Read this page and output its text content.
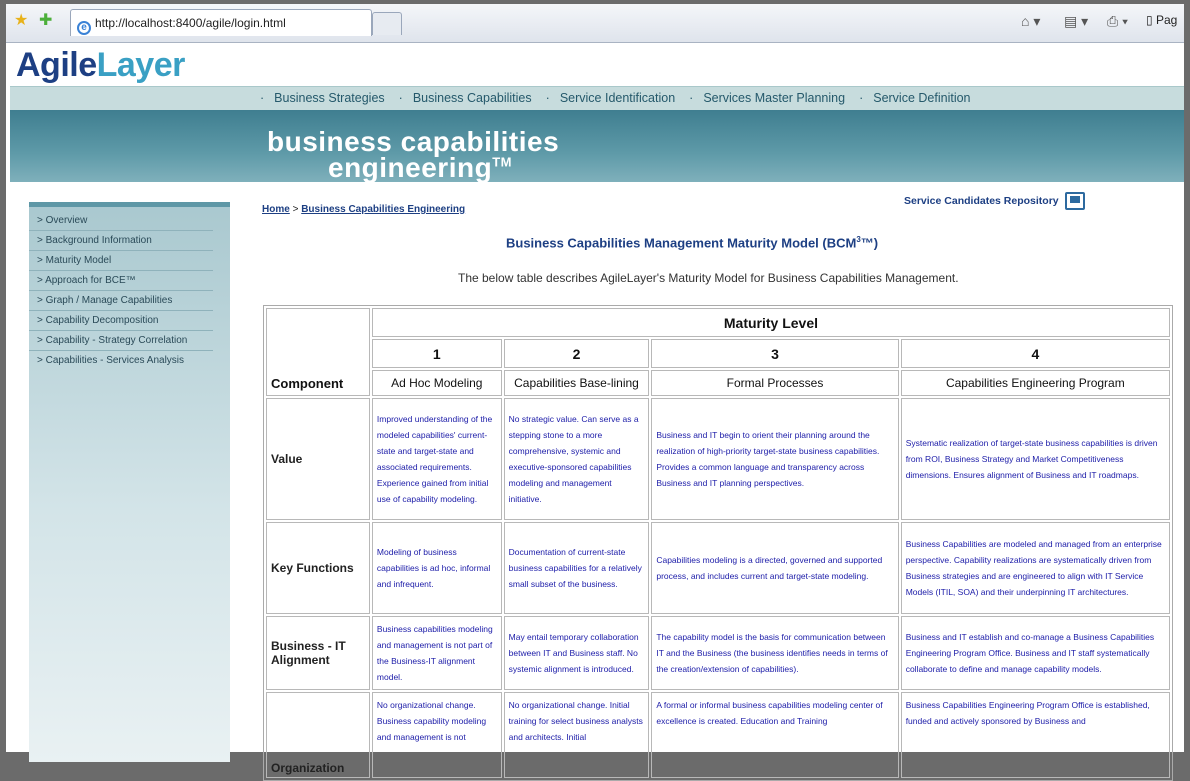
★ ✚	e http://localhost:8400/agile/login.html	⌂ ▾ ▤ ▾ ⎙ ▾ ▯ Pag
AgileLayer
· Business Strategies	· Business Capabilities	· Service Identification	· Services Master Planning	· Service Definition
business capabilities
engineering™
> Overview
> Background Information
> Maturity Model
> Approach for BCE™
> Graph / Manage Capabilities
> Capability Decomposition
> Capability - Strategy Correlation
> Capabilities - Services Analysis
Home > Business Capabilities Engineering
Service Candidates Repository
Business Capabilities Management Maturity Model (BCM$^3$™)
The below table describes AgileLayer's Maturity Model for Business Capabilities Management.
Component	Maturity Level			
	1	2	3	4
	Ad Hoc Modeling	Capabilities Base-lining	Formal Processes	Capabilities Engineering Program
Value	Improved understanding of the modeled capabilities' current-state and target-state and associated requirements. Experience gained from initial use of capability modeling.	No strategic value. Can serve as a stepping stone to a more comprehensive, systemic and executive-sponsored capabilities modeling and management initiative.	Business and IT begin to orient their planning around the realization of high-priority target-state business capabilities. Provides a common language and transparency across Business and IT planning perspectives.	Systematic realization of target-state business capabilities is driven from ROI, Business Strategy and Market Competitiveness dimensions. Ensures alignment of Business and IT roadmaps.
Key Functions	Modeling of business capabilities is ad hoc, informal and infrequent.	Documentation of current-state business capabilities for a relatively small subset of the business.	Capabilities modeling is a directed, governed and supported process, and includes current and target-state modeling.	Business Capabilities are modeled and managed from an enterprise perspective. Capability realizations are systematically driven from Business strategies and are engineered to align with IT Service Models (ITIL, SOA) and their underpinning IT architectures.
Business - IT Alignment	Business capabilities modeling and management is not part of the Business-IT alignment model.	May entail temporary collaboration between IT and Business staff. No systemic alignment is introduced.	The capability model is the basis for communication between IT and the Business (the business identifies needs in terms of the creation/extension of capabilities).	Business and IT establish and co-manage a Business Capabilities Engineering Program Office. Business and IT staff systematically collaborate to define and manage capability models.
Organization	No organizational change. Business capability modeling and management is not	No organizational change. Initial training for select business analysts and architects. Initial	A formal or informal business capabilities modeling center of excellence is created. Education and Training	Business Capabilities Engineering Program Office is established, funded and actively sponsored by Business and
